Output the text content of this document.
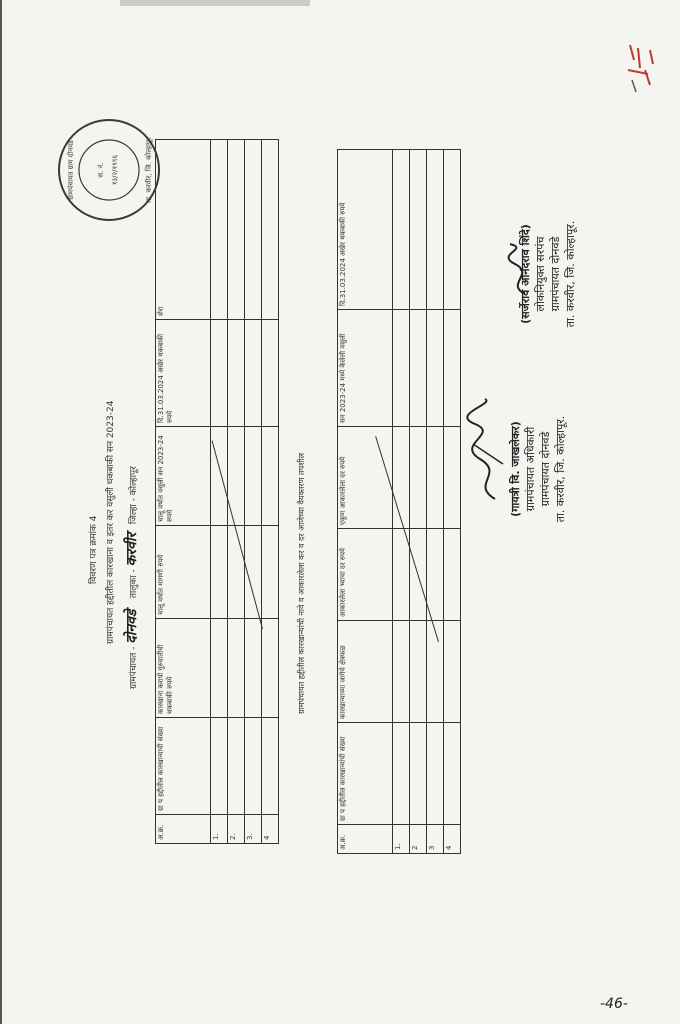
-46-
विवरण पत्र क्रमांक 4 ग्रामपंचायत हद्दीतील कारखाना व इतर कर वसुली थकबाकी सन 2023-24
ग्रामपंचायत - दोनवडे    तालुका - करवीर   जिल्हा - कोल्हापूर
अ.क्र.	ग्रा प हद्दीतील कारखान्याची संख्या	कारखाना करापो गुरुवातीची थकबाकी रुपये	चालू वर्षात मागणी रुपये	चालू वर्षात वसुली सन 2023-24 रुपये	दि.31.03.2024 अखेर थकबाकी रुपये	शेरा
1.						
2.						
3.						
4						
ग्रामपंचायत हद्दीतील कारखान्यांची नावे व आकारलेला कर व दर आणेच्या वैयक्तरण तपशील
अ.क्र.	ग्रा प हद्दीतील कारखान्यांची संख्या	कारखान्याच्या जागेचे क्षेत्रफळ	आकारलेला भ्याचा दर रुपये	एकूण आकारलेला दर रुपये	सन 2023-24 मध्ये केलेली वसुली	दि.31.03.2024 अखेर थकबाकी रुपये
1.						
2						
3						
4						
(गायत्री वि. जाखलेकर) ग्रामपंचायत अधिकारी ग्रामपंचायत दोनवडे ता. करवीर, जि. कोल्हापूर.
(सर्जेराव आनंदराव शिंदे) लोकनियुक्त सरपंच ग्रामपंचायत दोनवडे ता. करवीर, जि. कोल्हापूर.
ग्रामपंचायत ग्राम दोनवडे	स. नं. १३/२/१९९६	ता. करवीर, जि. कोल्हापूर
